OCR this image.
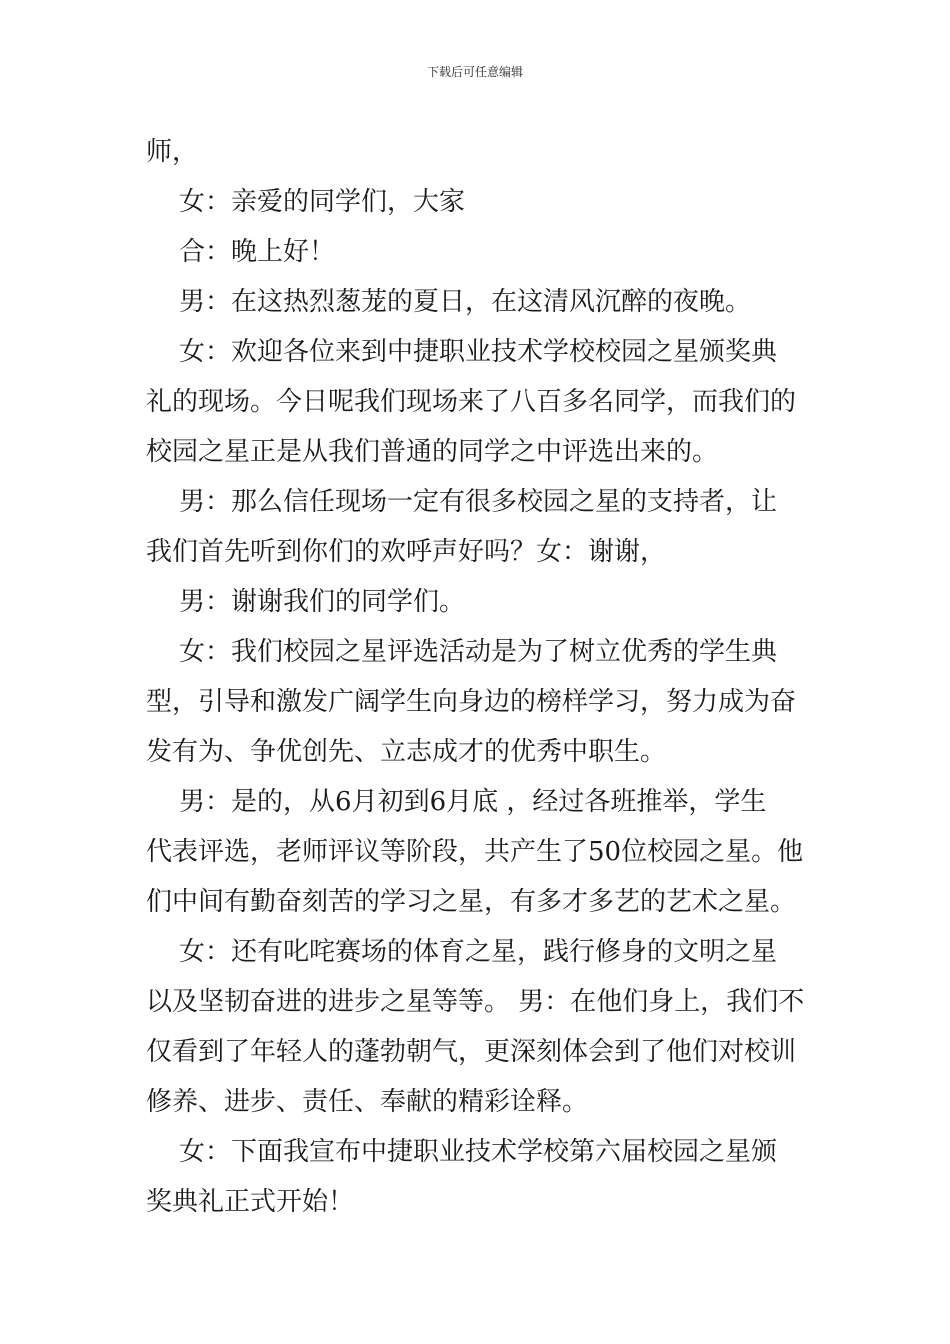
下载后可任意编辑
师，
女：亲爱的同学们，大家
合：晚上好！
男：在这热烈葱茏的夏日，在这清风沉醉的夜晚。
女：欢迎各位来到中捷职业技术学校校园之星颁奖典
礼的现场。今日呢我们现场来了八百多名同学，而我们的
校园之星正是从我们普通的同学之中评选出来的。
男：那么信任现场一定有很多校园之星的支持者，让
我们首先听到你们的欢呼声好吗？女：谢谢，
男：谢谢我们的同学们。
女：我们校园之星评选活动是为了树立优秀的学生典
型，引导和激发广阔学生向身边的榜样学习，努力成为奋
发有为、争优创先、立志成才的优秀中职生。
男：是的，从6月初到6月底 ，经过各班推举，学生
代表评选，老师评议等阶段，共产生了50位校园之星。他
们中间有勤奋刻苦的学习之星，有多才多艺的艺术之星。
女：还有叱咤赛场的体育之星，践行修身的文明之星
以及坚韧奋进的进步之星等等。 男：在他们身上，我们不
仅看到了年轻人的蓬勃朝气，更深刻体会到了他们对校训
修养、进步、责任、奉献的精彩诠释。
女：下面我宣布中捷职业技术学校第六届校园之星颁
奖典礼正式开始！
